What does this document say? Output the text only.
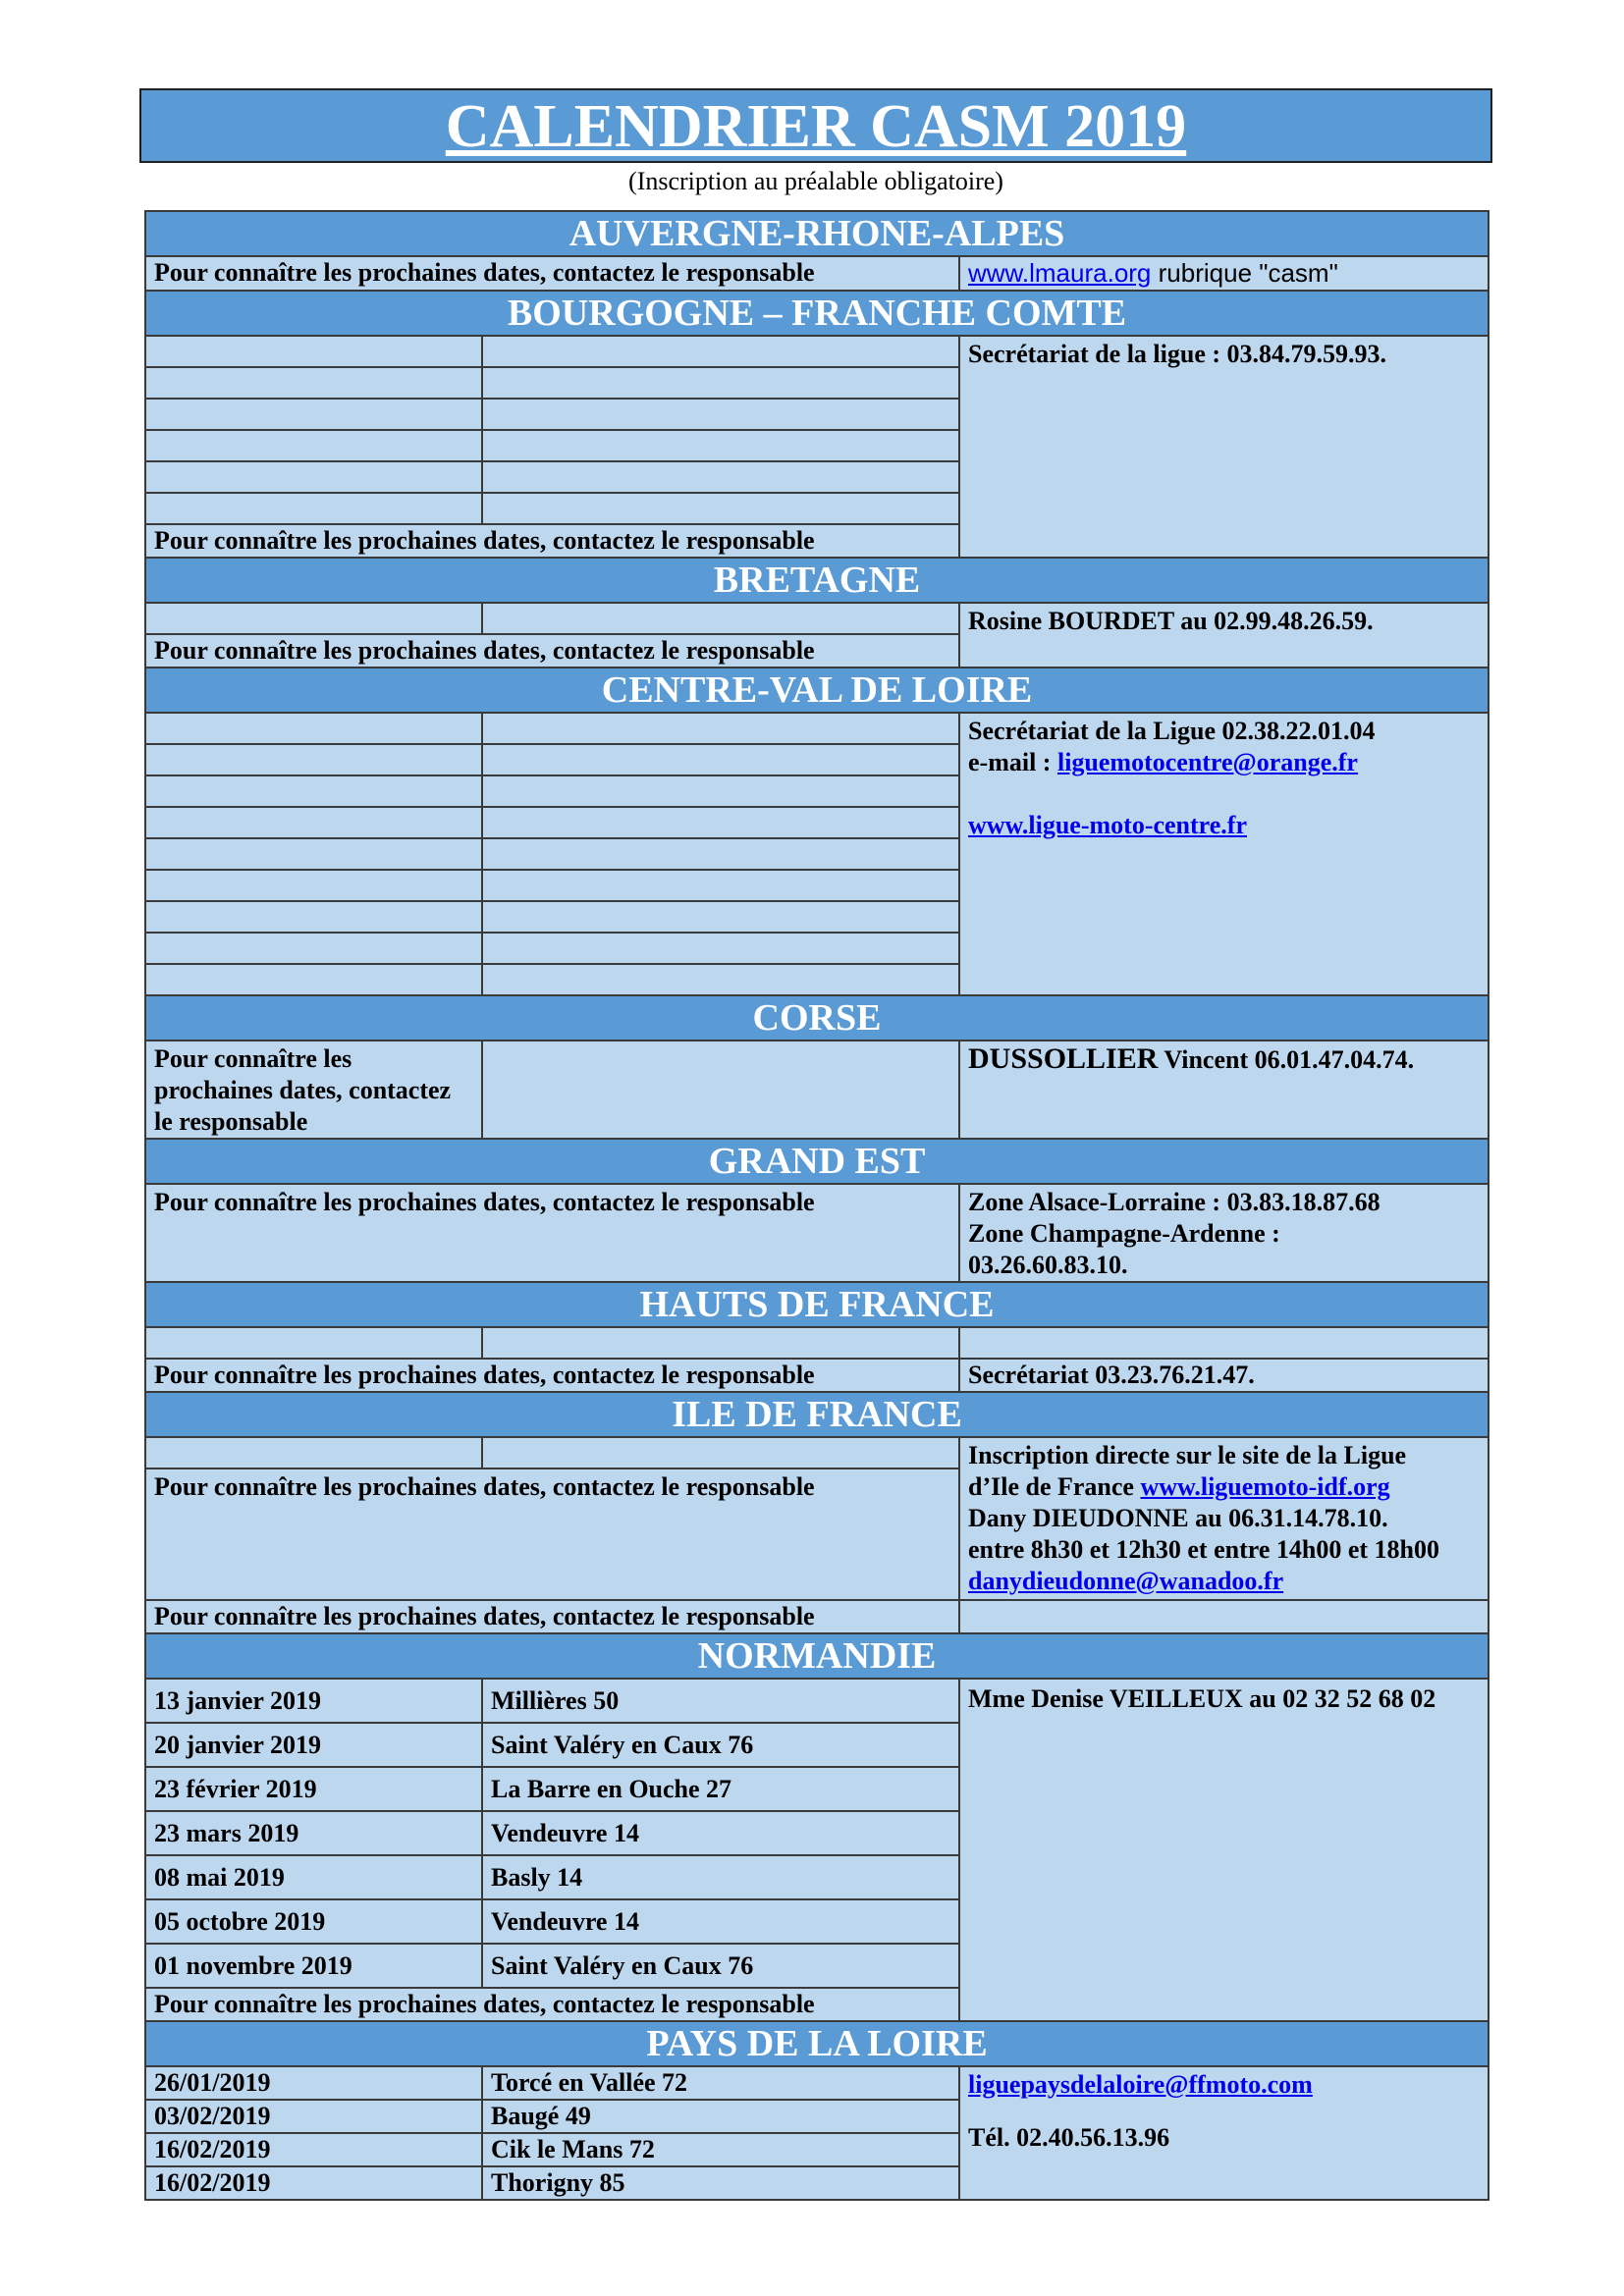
CALENDRIER CASM 2019
(Inscription au préalable obligatoire)
AUVERGNE-RHONE-ALPES		
Pour connaître les prochaines dates, contactez le responsable		www.lmaura.org rubrique "casm"
BOURGOGNE – FRANCHE COMTE		
		Secrétariat de la ligue : 03.84.79.59.93.

Pour connaître les prochaines dates, contactez le responsable		
BRETAGNE		
		Rosine BOURDET au 02.99.48.26.59.
Pour connaître les prochaines dates, contactez le responsable		
CENTRE-VAL DE LOIRE		

		Secrétariat de la Ligue 02.38.22.01.04
e-mail : liguemotocentre@orange.fr
www.ligue-moto-centre.fr

CORSE		
Pour connaître les prochaines dates, contactez le responsable		DUSSOLLIER Vincent 06.01.47.04.74.
GRAND EST		
Pour connaître les prochaines dates, contactez le responsable		Zone Alsace-Lorraine : 03.83.18.87.68
Zone Champagne-Ardenne :
03.26.60.83.10.

HAUTS DE FRANCE		

Pour connaître les prochaines dates, contactez le responsable		Secrétariat 03.23.76.21.47.
ILE DE FRANCE		

		Inscription directe sur le site de la Ligue
d’Ile de France www.liguemoto-idf.org
Dany DIEUDONNE au 06.31.14.78.10.
entre 8h30 et 12h30 et entre 14h00 et 18h00
danydieudonne@wanadoo.fr

Pour connaître les prochaines dates, contactez le responsable		
Pour connaître les prochaines dates, contactez le responsable		
NORMANDIE		
13 janvier 2019	Millières 50	Mme Denise VEILLEUX au 02 32 52 68 02
20 janvier 2019	Saint Valéry en Caux 76	
23 février 2019	La Barre en Ouche 27	
23 mars 2019	Vendeuvre 14	
08 mai 2019	Basly 14	
05 octobre 2019	Vendeuvre 14	
01 novembre 2019	Saint Valéry en Caux 76	
Pour connaître les prochaines dates, contactez le responsable		
PAYS DE LA LOIRE		
26/01/2019	Torcé en Vallée 72	liguepaysdelaloire@ffmoto.com
Tél. 02.40.56.13.96

03/02/2019	Baugé 49	
16/02/2019	Cik le Mans 72	
16/02/2019	Thorigny 85	
